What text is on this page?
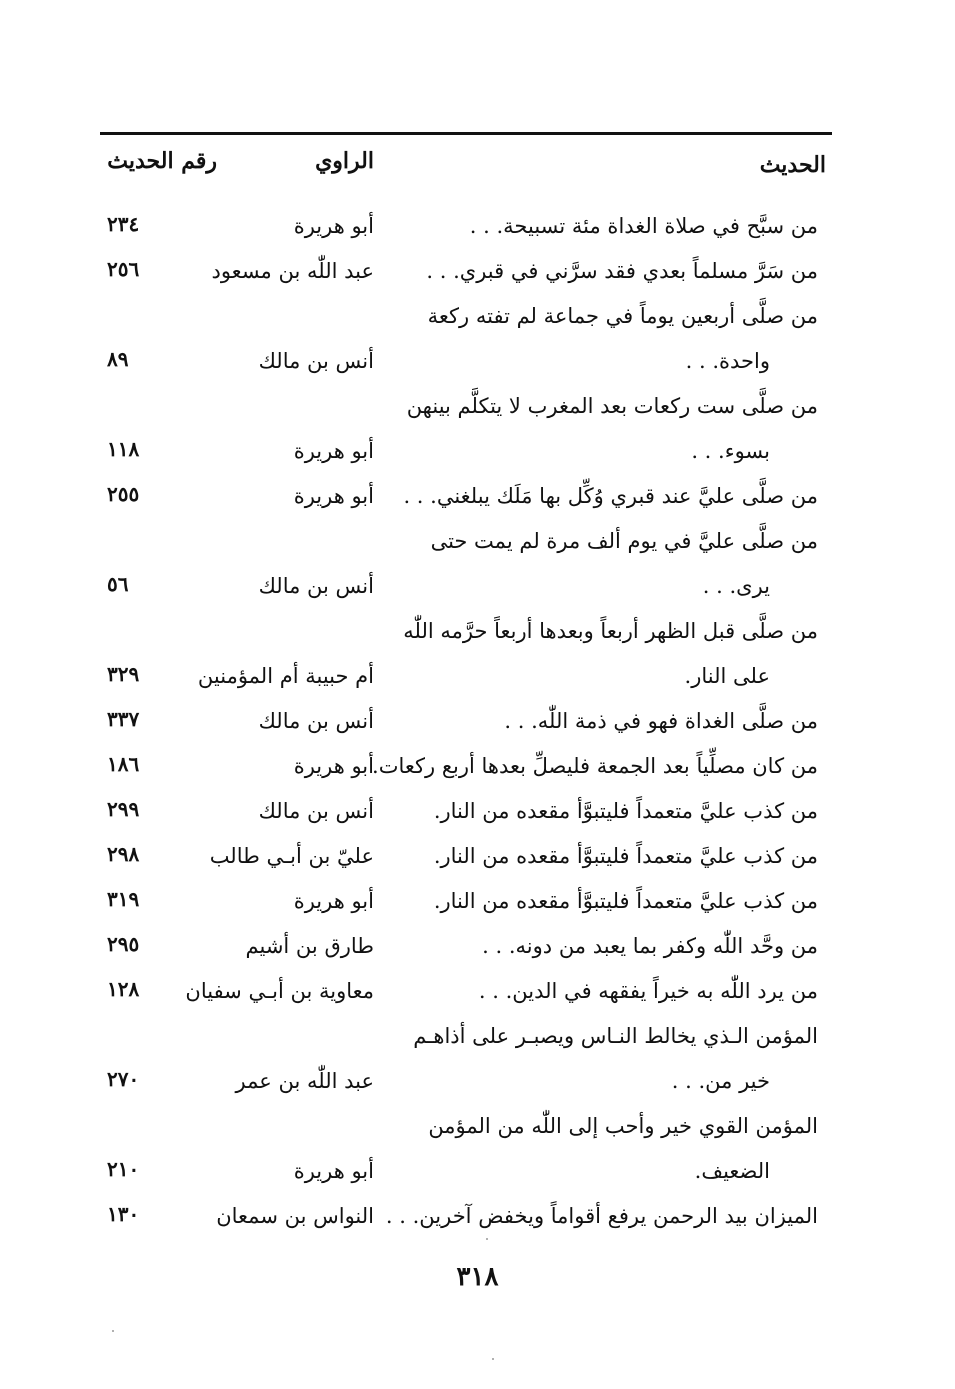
الحديث
الراوي
رقم الحديث
من سبَّح في صلاة الغداة مئة تسبيحة. . .
أبو هريرة
٢٣٤
من سَرَّ مسلماً بعدي فقد سرَّني في قبري. . .
عبد اللّٰه بن مسعود
٢٥٦
من صلَّى أربعين يوماً في جماعة لم تفته ركعة
واحدة. . .
أنس بن مالك
٨٩
من صلَّى ست ركعات بعد المغرب لا يتكلَّم بينهن
بسوء. . .
أبو هريرة
١١٨
من صلَّى عليَّ عند قبري وُكِّل بها مَلَك يبلغني. . .
أبو هريرة
٢٥٥
من صلَّى عليَّ في يوم ألف مرة لم يمت حتى
يرى. . .
أنس بن مالك
٥٦
من صلَّى قبل الظهر أربعاً وبعدها أربعاً حرَّمه اللّٰه
على النار.
أم حبيبة أم المؤمنين
٣٢٩
من صلَّى الغداة فهو في ذمة اللّٰه. . .
أنس بن مالك
٣٣٧
من كان مصلِّياً بعد الجمعة فليصلِّ بعدها أربع ركعات.
أبو هريرة
١٨٦
من كذب عليَّ متعمداً فليتبوَّأ مقعده من النار.
أنس بن مالك
٢٩٩
من كذب عليَّ متعمداً فليتبوَّأ مقعده من النار.
عليّ بن أبـي طالب
٢٩٨
من كذب عليَّ متعمداً فليتبوَّأ مقعده من النار.
أبو هريرة
٣١٩
من وحَّد اللّٰه وكفر بما يعبد من دونه. . .
طارق بن أشيم
٢٩٥
من يرد اللّٰه به خيراً يفقهه في الدين. . .
معاوية بن أبـي سفيان
١٢٨
المؤمن الـذي يخالط النـاس ويصبـر على أذاهـم
خير من. . .
عبد اللّٰه بن عمر
٢٧٠
المؤمن القوي خير وأحب إلى اللّٰه من المؤمن
الضعيف.
أبو هريرة
٢١٠
الميزان بيد الرحمن يرفع أقواماً ويخفض آخرين. . .
النواس بن سمعان
١٣٠
٣١٨
